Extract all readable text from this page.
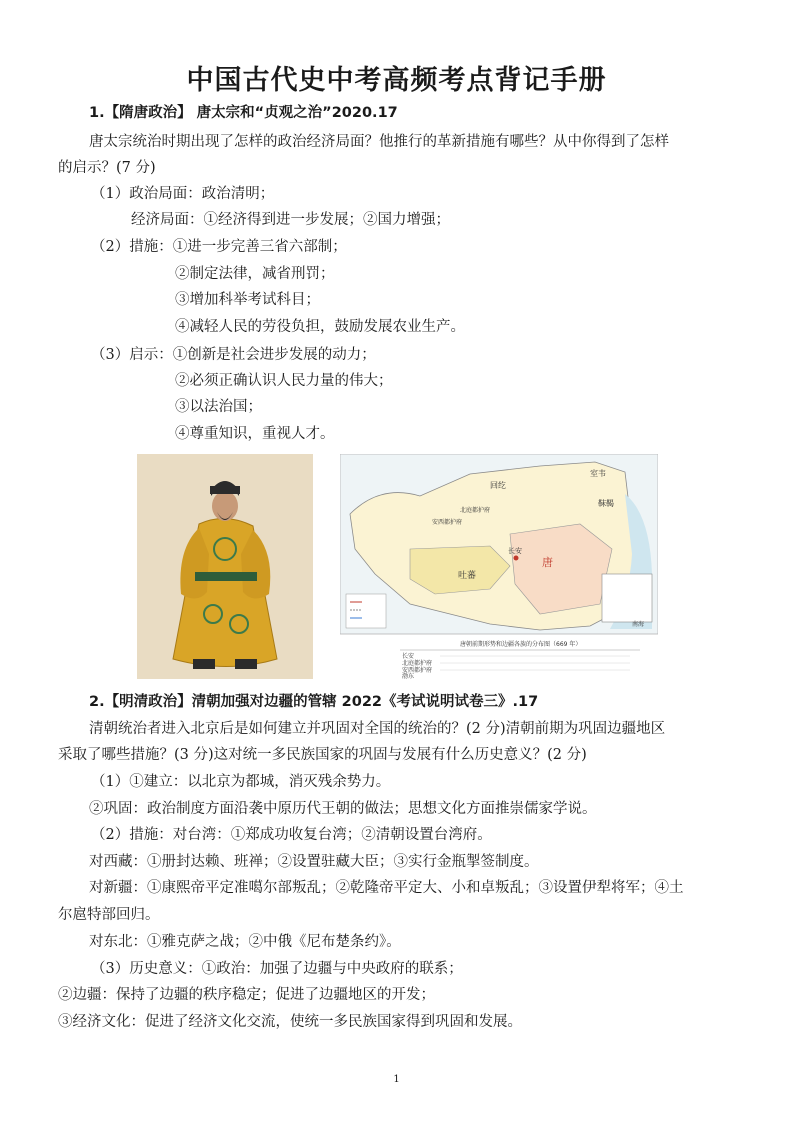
中国古代史中考高频考点背记手册
1.【隋唐政治】 唐太宗和“贞观之治”2020.17
唐太宗统治时期出现了怎样的政治经济局面？他推行的革新措施有哪些？从中你得到了怎样
的启示？(7 分)
（1）政治局面：政治清明；
经济局面：①经济得到进一步发展；②国力增强；
（2）措施：①进一步完善三省六部制；
②制定法律，减省刑罚；
③增加科举考试科目；
④减轻人民的劳役负担，鼓励发展农业生产。
（3）启示：①创新是社会进步发展的动力；
②必须正确认识人民力量的伟大；
③以法治国；
④尊重知识，重视人才。
吐蕃
唐
长安
安西都护府
北庭都护府
回纥
室韦
靺鞨
南海
唐朝前期形势和边疆各族的分布图（669 年）
长安
北庭都护府
安西都护府
渤东
2.【明清政治】清朝加强对边疆的管辖 2022《考试说明试卷三》.17
清朝统治者进入北京后是如何建立并巩固对全国的统治的？(2 分)清朝前期为巩固边疆地区
采取了哪些措施？(3 分)这对统一多民族国家的巩固与发展有什么历史意义？(2 分)
（1）①建立：以北京为都城，消灭残余势力。
②巩固：政治制度方面沿袭中原历代王朝的做法；思想文化方面推崇儒家学说。
（2）措施：对台湾：①郑成功收复台湾；②清朝设置台湾府。
对西藏：①册封达赖、班禅；②设置驻藏大臣；③实行金瓶掣签制度。
对新疆：①康熙帝平定准噶尔部叛乱；②乾隆帝平定大、小和卓叛乱；③设置伊犁将军；④土
尔扈特部回归。
对东北：①雅克萨之战；②中俄《尼布楚条约》。
（3）历史意义：①政治：加强了边疆与中央政府的联系；
②边疆：保持了边疆的秩序稳定；促进了边疆地区的开发；
③经济文化：促进了经济文化交流，使统一多民族国家得到巩固和发展。
1
